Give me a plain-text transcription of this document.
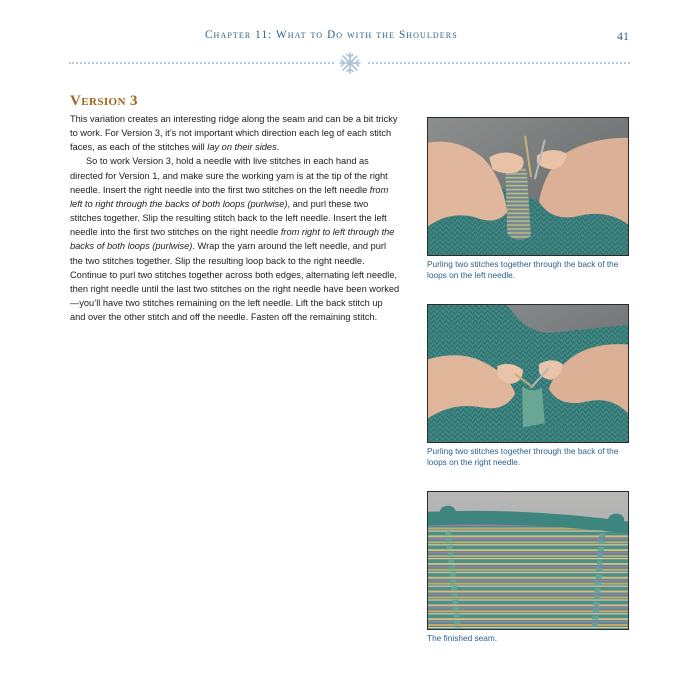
Chapter 11: What to Do with the Shoulders	41
Version 3

This variation creates an interesting ridge along the seam and can be a bit tricky to work. For Version 3, it’s not important which direction each leg of each stitch faces, as each of the stitches will lay on their sides.

So to work Version 3, hold a needle with live stitches in each hand as directed for Version 1, and make sure the working yarn is at the tip of the right needle. Insert the right needle into the first two stitches on the left needle from left to right through the backs of both loops (purlwise), and purl these two stitches together. Slip the resulting stitch back to the left needle. Insert the left needle into the first two stitches on the right needle from right to left through the backs of both loops (purlwise). Wrap the yarn around the left needle, and purl the two stitches together. Slip the resulting loop back to the right needle. Continue to purl two stitches together across both edges, alternating left needle, then right needle until the last two stitches on the right needle have been worked—you’ll have two stitches remaining on the left needle. Lift the back stitch up and over the other stitch and off the needle. Fasten off the remaining stitch.

Purling two stitches together through the back of the loops on the left needle.
Purling two stitches together through the back of the loops on the right needle.
The finished seam.
